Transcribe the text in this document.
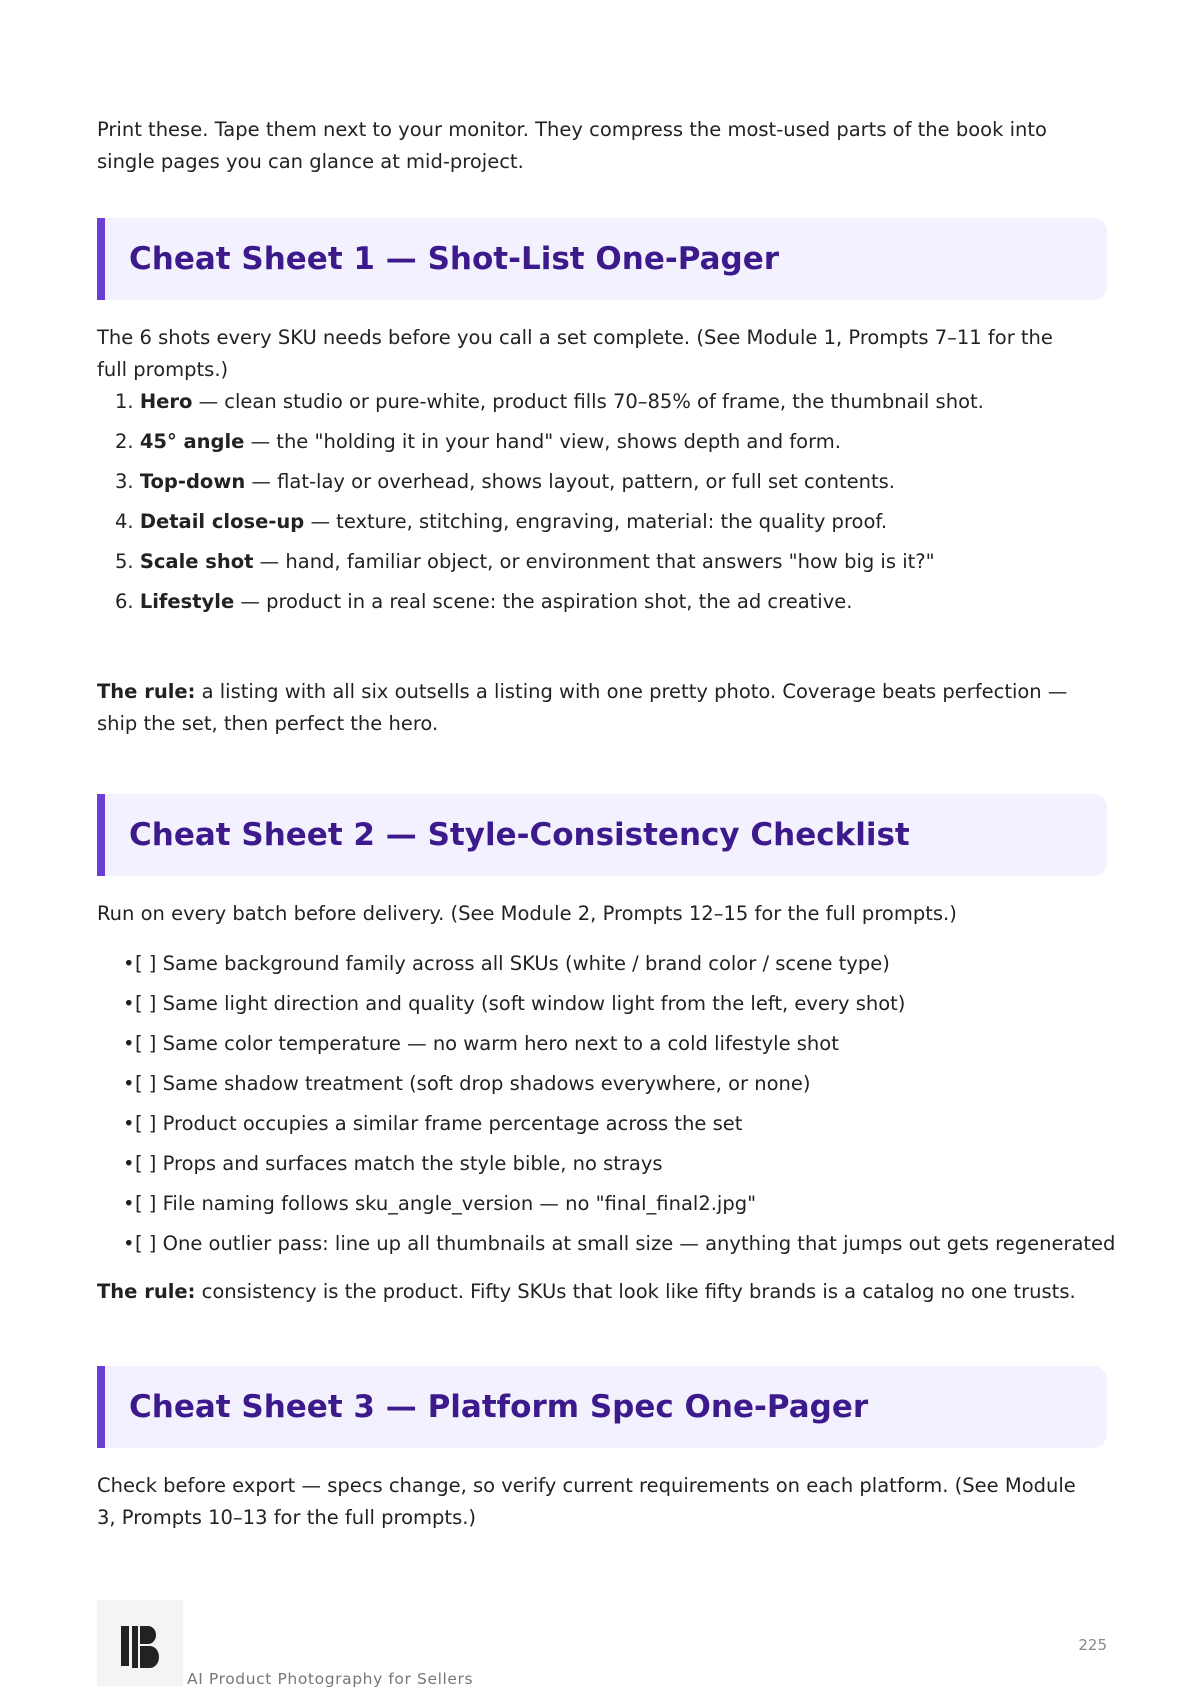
Print these. Tape them next to your monitor. They compress the most-used parts of the book into single pages you can glance at mid-project.

Cheat Sheet 1 — Shot-List One-Pager

The 6 shots every SKU needs before you call a set complete. (See Module 1, Prompts 7–11 for the full prompts.)

1. Hero — clean studio or pure-white, product fills 70–85% of frame, the thumbnail shot.
2. 45° angle — the "holding it in your hand" view, shows depth and form.
3. Top-down — flat-lay or overhead, shows layout, pattern, or full set contents.
4. Detail close-up — texture, stitching, engraving, material: the quality proof.
5. Scale shot — hand, familiar object, or environment that answers "how big is it?"
6. Lifestyle — product in a real scene: the aspiration shot, the ad creative.

The rule: a listing with all six outsells a listing with one pretty photo. Coverage beats perfection — ship the set, then perfect the hero.

Cheat Sheet 2 — Style-Consistency Checklist

Run on every batch before delivery. (See Module 2, Prompts 12–15 for the full prompts.)

•[ ] Same background family across all SKUs (white / brand color / scene type)
•[ ] Same light direction and quality (soft window light from the left, every shot)
•[ ] Same color temperature — no warm hero next to a cold lifestyle shot
•[ ] Same shadow treatment (soft drop shadows everywhere, or none)
•[ ] Product occupies a similar frame percentage across the set
•[ ] Props and surfaces match the style bible, no strays
•[ ] File naming follows sku_angle_version — no "final_final2.jpg"
•[ ] One outlier pass: line up all thumbnails at small size — anything that jumps out gets regenerated

The rule: consistency is the product. Fifty SKUs that look like fifty brands is a catalog no one trusts.

Cheat Sheet 3 — Platform Spec One-Pager

Check before export — specs change, so verify current requirements on each platform. (See Module 3, Prompts 10–13 for the full prompts.)

AI Product Photography for Sellers
225
